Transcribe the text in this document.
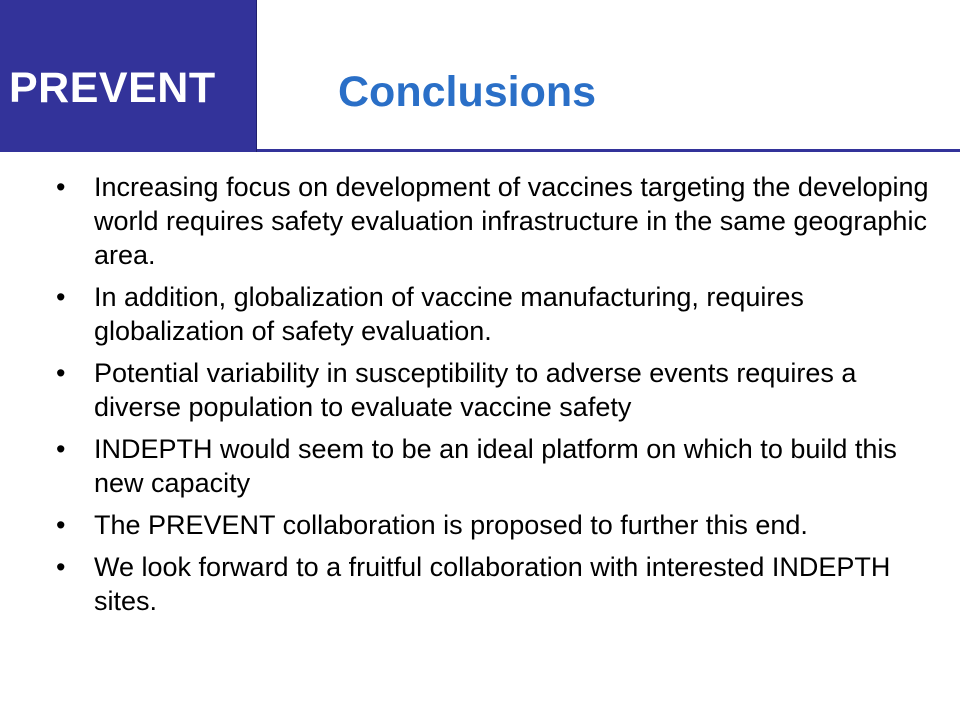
PREVENT	Conclusions
•	Increasing focus on development of vaccines targeting the developing world requires safety evaluation infrastructure in the same geographic area.
•	In addition, globalization of vaccine manufacturing, requires globalization of safety evaluation.
•	Potential variability in susceptibility to adverse events requires a diverse population to evaluate vaccine safety
•	INDEPTH would seem to be an ideal platform on which to build this new capacity
•	The PREVENT collaboration is proposed to further this end.
•	We look forward to a fruitful collaboration with interested INDEPTH sites.
